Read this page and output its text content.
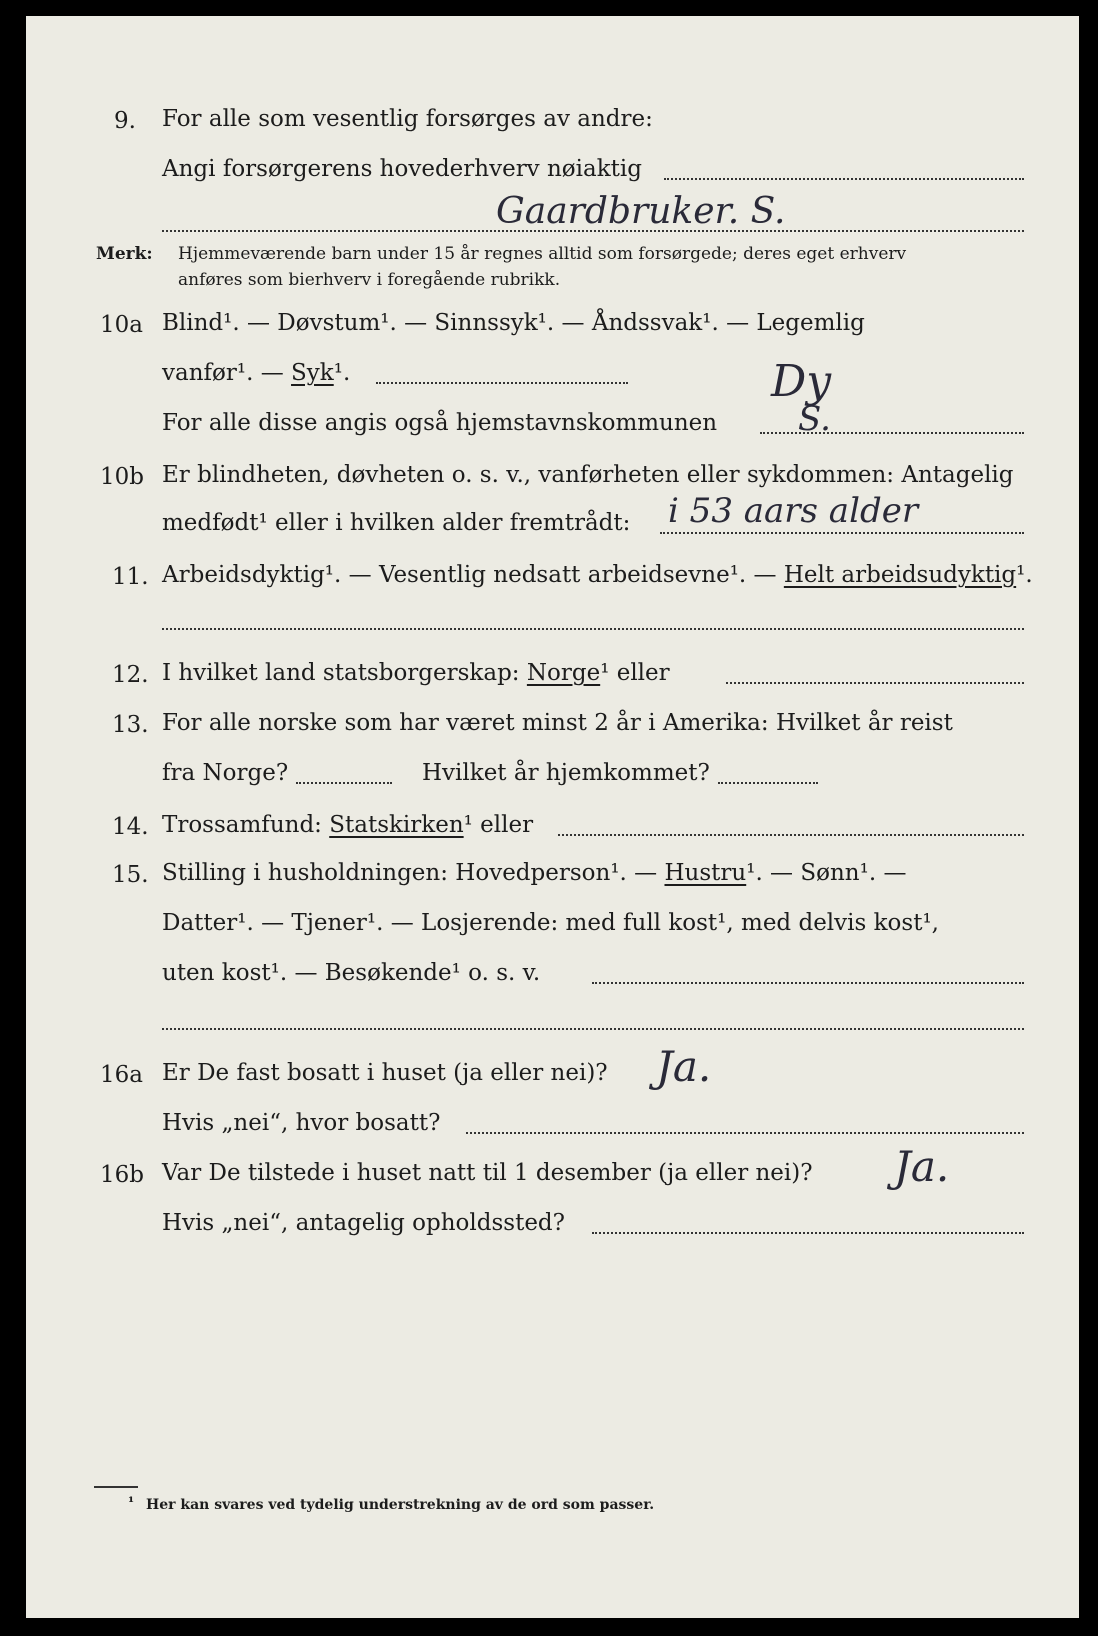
9. For alle som vesentlig forsørges av andre:
Angi forsørgerens hovederhverv nøiaktig
Gaardbruker. S.
Merk: Hjemmeværende barn under 15 år regnes alltid som forsørgede; deres eget erhverv
anføres som bierhverv i foregående rubrikk.
10a Blind¹. — Døvstum¹. — Sinnssyk¹. — Åndssvak¹. — Legemlig
vanfør¹. — Syk¹.	Dy
For alle disse angis også hjemstavnskommunen S.
10b Er blindheten, døvheten o. s. v., vanførheten eller sykdommen: Antagelig
medfødt¹ eller i hvilken alder fremtrådt: i 53 aars alder
11. Arbeidsdyktig¹. — Vesentlig nedsatt arbeidsevne¹. — Helt arbeidsudyktig¹.
12. I hvilket land statsborgerskap: Norge¹ eller
13. For alle norske som har været minst 2 år i Amerika: Hvilket år reist
fra Norge?	Hvilket år hjemkommet?
14. Trossamfund: Statskirken¹ eller
15. Stilling i husholdningen: Hovedperson¹. — Hustru¹. — Sønn¹. —
Datter¹. — Tjener¹. — Losjerende: med full kost¹, med delvis kost¹,
uten kost¹. — Besøkende¹ o. s. v.
16a Er De fast bosatt i huset (ja eller nei)? Ja.
Hvis „nei“, hvor bosatt?
16b Var De tilstede i huset natt til 1 desember (ja eller nei)? Ja.
Hvis „nei“, antagelig opholdssted?
¹ Her kan svares ved tydelig understrekning av de ord som passer.
